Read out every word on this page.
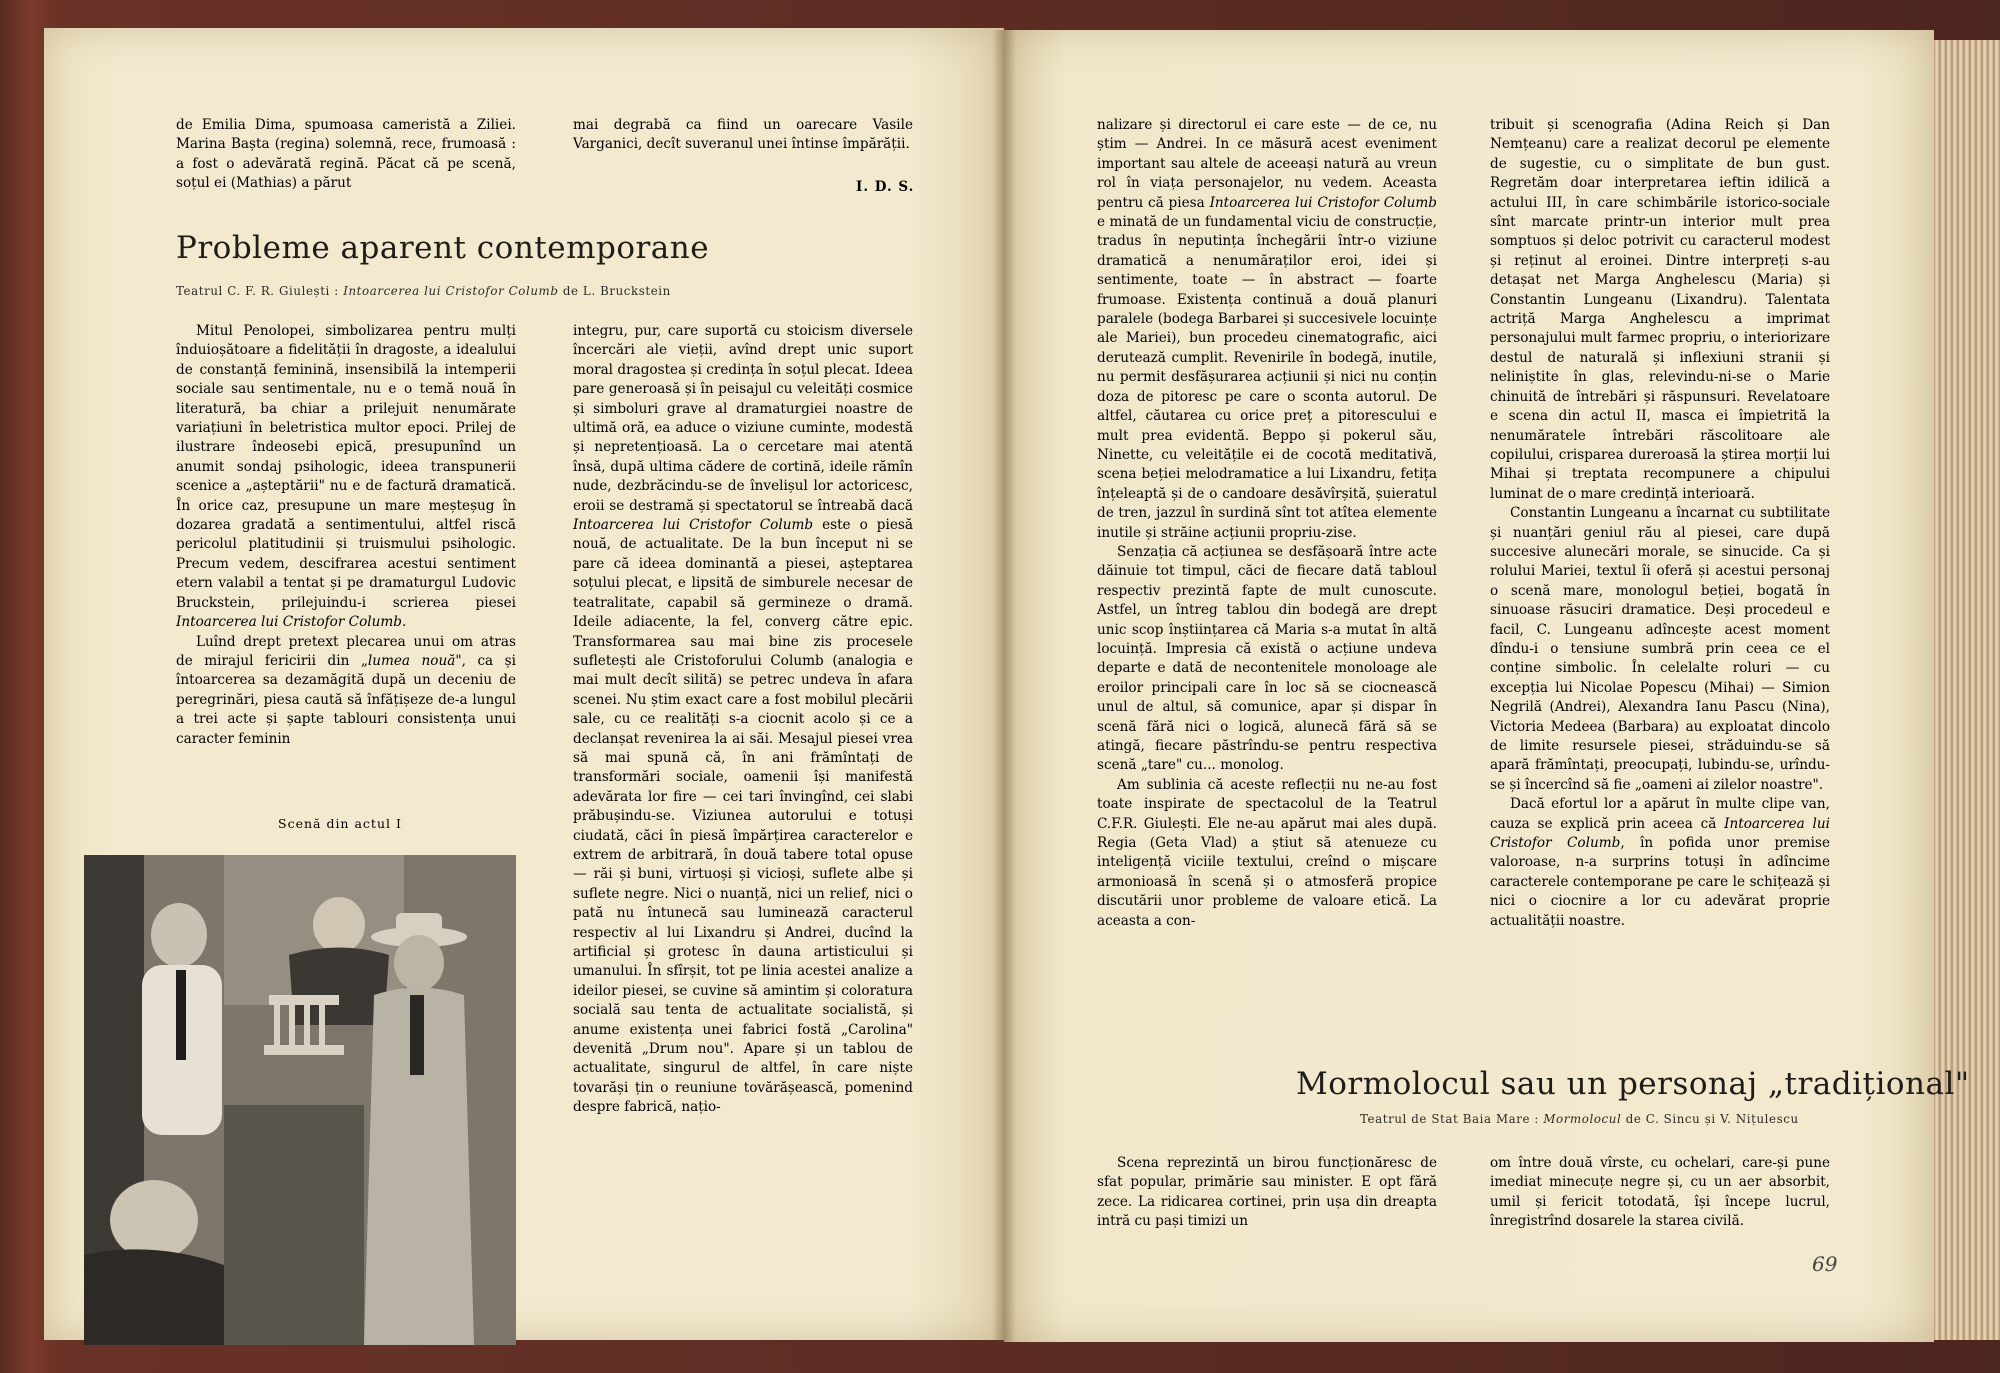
de Emilia Dima, spumoasa cameristă a Ziliei. Marina Baștа (regina) solemnă, rece, frumoasă : a fost o adevărată regină. Păcat că pe scenă, soțul ei (Mathias) a părut

mai degrabă ca fiind un oarecare Vasile Varganici, decît suveranul unei întinse împărății.

I. D. S.
Probleme aparent contemporane
Teatrul C. F. R. Giulești : Intoarcerea lui Cristofor Columb de L. Bruckstein

Mitul Penolopei, simbolizarea pentru mulți înduioșătoare a fidelității în dragoste, a idealului de constanță feminină, insensibilă la intemperii sociale sau sentimentale, nu e o temă nouă în literatură, ba chiar a prilejuit nenumărate variațiuni în beletristica multor epoci. Prilej de ilustrare îndeosebi epică, presupunînd un anumit sondaj psihologic, ideea transpunerii scenice a „așteptării" nu e de factură dramatică. În orice caz, presupune un mare meșteșug în dozarea gradată a sentimentului, altfel riscă pericolul platitudinii și truismului psihologic. Precum vedem, descifrarea acestui sentiment etern valabil a tentat și pe dramaturgul Ludovic Bruckstein, prilejuindu-i scrierea piesei Intoarcerea lui Cristofor Columb.

Luînd drept pretext plecarea unui om atras de mirajul fericirii din „lumea nouă", ca și întoarcerea sa dezamăgită după un deceniu de peregrinări, piesa caută să înfățișeze de-a lungul a trei acte și șapte tablouri consistența unui caracter feminin

Scenă din actul I

integru, pur, care suportă cu stoicism diversele încercări ale vieții, avînd drept unic suport moral dragostea și credința în soțul plecat. Ideea pare generoasă și în peisajul cu veleități cosmice și simboluri grave al dramaturgiei noastre de ultimă oră, ea aduce o viziune cuminte, modestă și nepretențioasă. La o cercetare mai atentă însă, după ultima cădere de cortină, ideile rămîn nude, dezbrăcindu-se de învelișul lor actoricesc, eroii se destramă și spectatorul se întreabă dacă Intoarcerea lui Cristofor Columb este o piesă nouă, de actualitate. De la bun început ni se pare că ideea dominantă a piesei, așteptarea soțului plecat, e lipsită de simburele necesar de teatralitate, capabil să germineze o dramă. Ideile adiacente, la fel, converg către epic. Transformarea sau mai bine zis procesele sufletești ale Cristoforului Columb (analogia e mai mult decît silită) se petrec undeva în afara scenei. Nu știm exact care a fost mobilul plecării sale, cu ce realități s-a ciocnit acolo și ce a declanșat revenirea la ai săi. Mesajul piesei vrea să mai spună că, în ani frămîntați de transformări sociale, oamenii își manifestă adevărata lor fire — cei tari învingînd, cei slabi prăbușindu-se. Viziunea autorului e totuși ciudată, căci în piesă împărțirea caracterelor e extrem de arbitrară, în două tabere total opuse — răi și buni, virtuoși și vicioși, suflete albe și suflete negre. Nici o nuanță, nici un relief, nici o pată nu întunecă sau luminează caracterul respectiv al lui Lixandru și Andrei, ducînd la artificial și grotesc în dauna artisticului și umanului. În sfîrșit, tot pe linia acestei analize a ideilor piesei, se cuvine să amintim și coloratura socială sau tenta de actualitate socialistă, și anume existența unei fabrici fostă „Carolina" devenită „Drum nou". Apare și un tablou de actualitate, singurul de altfel, în care niște tovarăși țin o reuniune tovărășească, pomenind despre fabrică, națio-

nalizare și directorul ei care este — de ce, nu știm — Andrei. In ce măsură acest eveniment important sau altele de aceeași natură au vreun rol în viața personajelor, nu vedem. Aceasta pentru că piesa Intoarcerea lui Cristofor Columb e minată de un fundamental viciu de construcție, tradus în neputința închegării într-o viziune dramatică a nenumăraților eroi, idei și sentimente, toate — în abstract — foarte frumoase. Existența continuă a două planuri paralele (bodega Barbarei și succesivele locuințe ale Mariei), bun procedeu cinematografic, aici derutează cumplit. Revenirile în bodegă, inutile, nu permit desfășurarea acțiunii și nici nu conțin doza de pitoresc pe care o sconta autorul. De altfel, căutarea cu orice preț a pitorescului e mult prea evidentă. Beppo și pokerul său, Ninette, cu veleitățile ei de cocotă meditativă, scena beției melodramatice a lui Lixandru, fetița înțeleaptă și de o candoare desăvîrșită, șuieratul de tren, jazzul în surdină sînt tot atîtea elemente inutile și străine acțiunii propriu-zise.

Senzația că acțiunea se desfășoară între acte dăinuie tot timpul, căci de fiecare dată tabloul respectiv prezintă fapte de mult cunoscute. Astfel, un întreg tablou din bodegă are drept unic scop înștiințarea că Maria s-a mutat în altă locuință. Impresia că există o acțiune undeva departe e dată de necontenitele monoloage ale eroilor principali care în loc să se ciocnească unul de altul, să comunice, apar și dispar în scenă fără nici o logică, alunecă fără să se atingă, fiecare păstrîndu-se pentru respectiva scenă „tare" cu... monolog.

Am sublinia că aceste reflecții nu ne-au fost toate inspirate de spectacolul de la Teatrul C.F.R. Giulești. Ele ne-au apărut mai ales după. Regia (Geta Vlad) a știut să atenueze cu inteligență viciile textului, creînd o mișcare armonioasă în scenă și o atmosferă propice discutării unor probleme de valoare etică. La aceasta a con-

tribuit și scenografia (Adina Reich și Dan Nemțeanu) care a realizat decorul pe elemente de sugestie, cu o simplitate de bun gust. Regretăm doar interpretarea ieftin idilică a actului III, în care schimbările istorico-sociale sînt marcate printr-un interior mult prea somptuos și deloc potrivit cu caracterul modest și reținut al eroinei. Dintre interpreți s-au detașat net Marga Anghelescu (Maria) și Constantin Lungeanu (Lixandru). Talentata actriță Marga Anghelescu a imprimat personajului mult farmec propriu, o interiorizare destul de naturală și inflexiuni stranii și neliniștite în glas, relevindu-ni-se o Marie chinuită de întrebări și răspunsuri. Revelatoare e scena din actul II, masca ei împietrită la nenumăratele întrebări răscolitoare ale copilului, crisparea dureroasă la știrea morții lui Mihai și treptata recompunere a chipului luminat de o mare credință interioară.

Constantin Lungeanu a încarnat cu subtilitate și nuanțări geniul rău al piesei, care după succesive alunecări morale, se sinucide. Ca și rolului Mariei, textul îi oferă și acestui personaj o scenă mare, monologul beției, bogată în sinuoase răsuciri dramatice. Deși procedeul e facil, C. Lungeanu adîncește acest moment dîndu-i o tensiune sumbră prin ceea ce el conține simbolic. În celelalte roluri — cu excepția lui Nicolae Popescu (Mihai) — Simion Negrilă (Andrei), Alexandra Ianu Pascu (Nina), Victoria Medeea (Barbara) au exploatat dincolo de limite resursele piesei, străduindu-se să apară frămîntați, preocupați, lubindu-se, urîndu-se și încercînd să fie „oameni ai zilelor noastre".

Dacă efortul lor a apărut în multe clipe van, cauza se explică prin aceea că Intoarcerea lui Cristofor Columb, în pofida unor premise valoroase, n-a surprins totuși în adîncime caracterele contemporane pe care le schițează și nici o ciocnire a lor cu adevărat proprie actualității noastre.

Mormolocul sau un personaj „tradițional"
Teatrul de Stat Baia Mare : Mormolocul de C. Sincu și V. Nițulescu

Scena reprezintă un birou funcționăresc de sfat popular, primărie sau minister. E opt fără zece. La ridicarea cortinei, prin ușa din dreapta intră cu pași timizi un

om între două vîrste, cu ochelari, care-și pune imediat minecuțe negre și, cu un aer absorbit, umil și fericit totodată, își începe lucrul, înregistrînd dosarele la starea civilă.

69
